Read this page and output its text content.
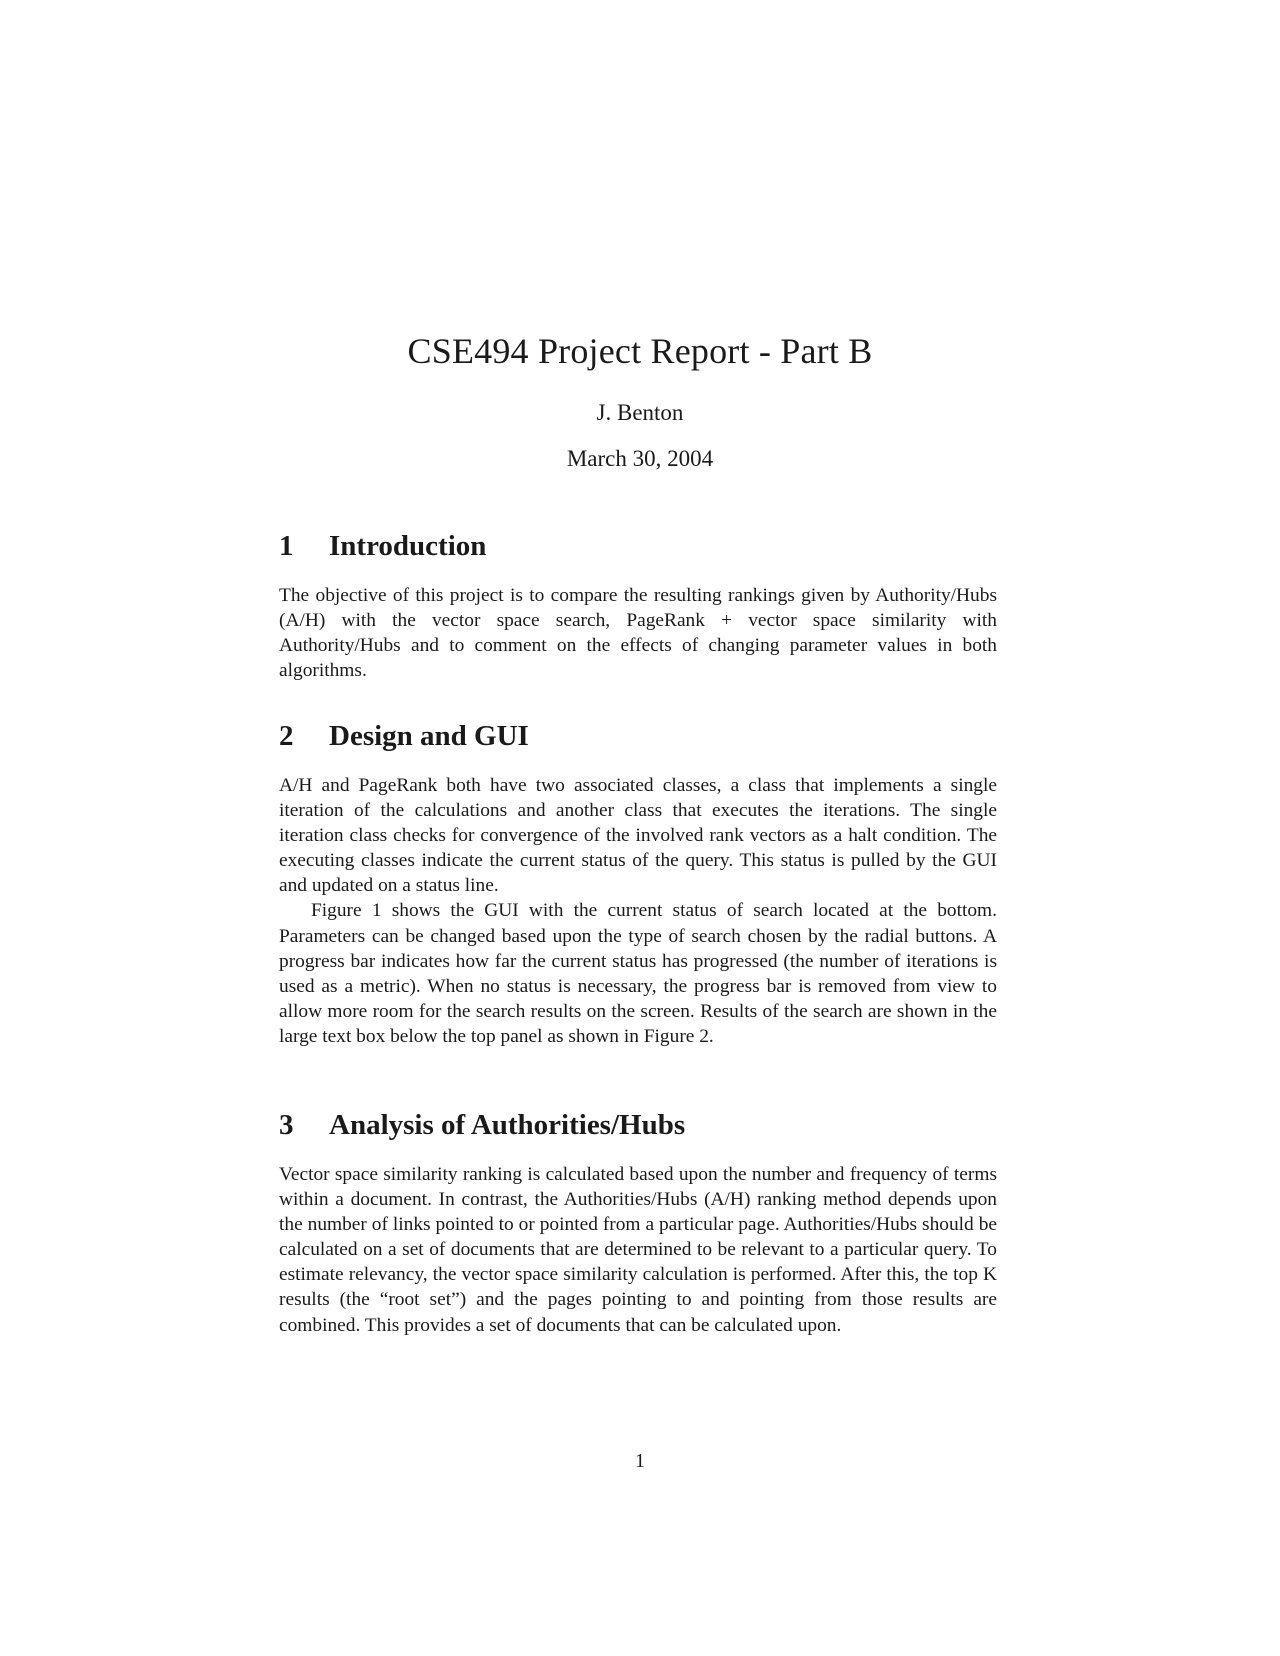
CSE494 Project Report - Part B
J. Benton
March 30, 2004
1	Introduction

The objective of this project is to compare the resulting rankings given by Authority/Hubs (A/H) with the vector space search, PageRank + vector space similarity with Authority/Hubs and to comment on the effects of changing parameter values in both algorithms.

2	Design and GUI

A/H and PageRank both have two associated classes, a class that implements a single iteration of the calculations and another class that executes the iterations. The single iteration class checks for convergence of the involved rank vectors as a halt condition. The executing classes indicate the current status of the query. This status is pulled by the GUI and updated on a status line.

Figure 1 shows the GUI with the current status of search located at the bottom. Parameters can be changed based upon the type of search chosen by the radial buttons. A progress bar indicates how far the current status has progressed (the number of iterations is used as a metric). When no status is necessary, the progress bar is removed from view to allow more room for the search results on the screen. Results of the search are shown in the large text box below the top panel as shown in Figure 2.

3	Analysis of Authorities/Hubs

Vector space similarity ranking is calculated based upon the number and frequency of terms within a document. In contrast, the Authorities/Hubs (A/H) ranking method depends upon the number of links pointed to or pointed from a particular page. Authorities/Hubs should be calculated on a set of documents that are determined to be relevant to a particular query. To estimate relevancy, the vector space similarity calculation is performed. After this, the top K results (the “root set”) and the pages pointing to and pointing from those results are combined. This provides a set of documents that can be calculated upon.

1
